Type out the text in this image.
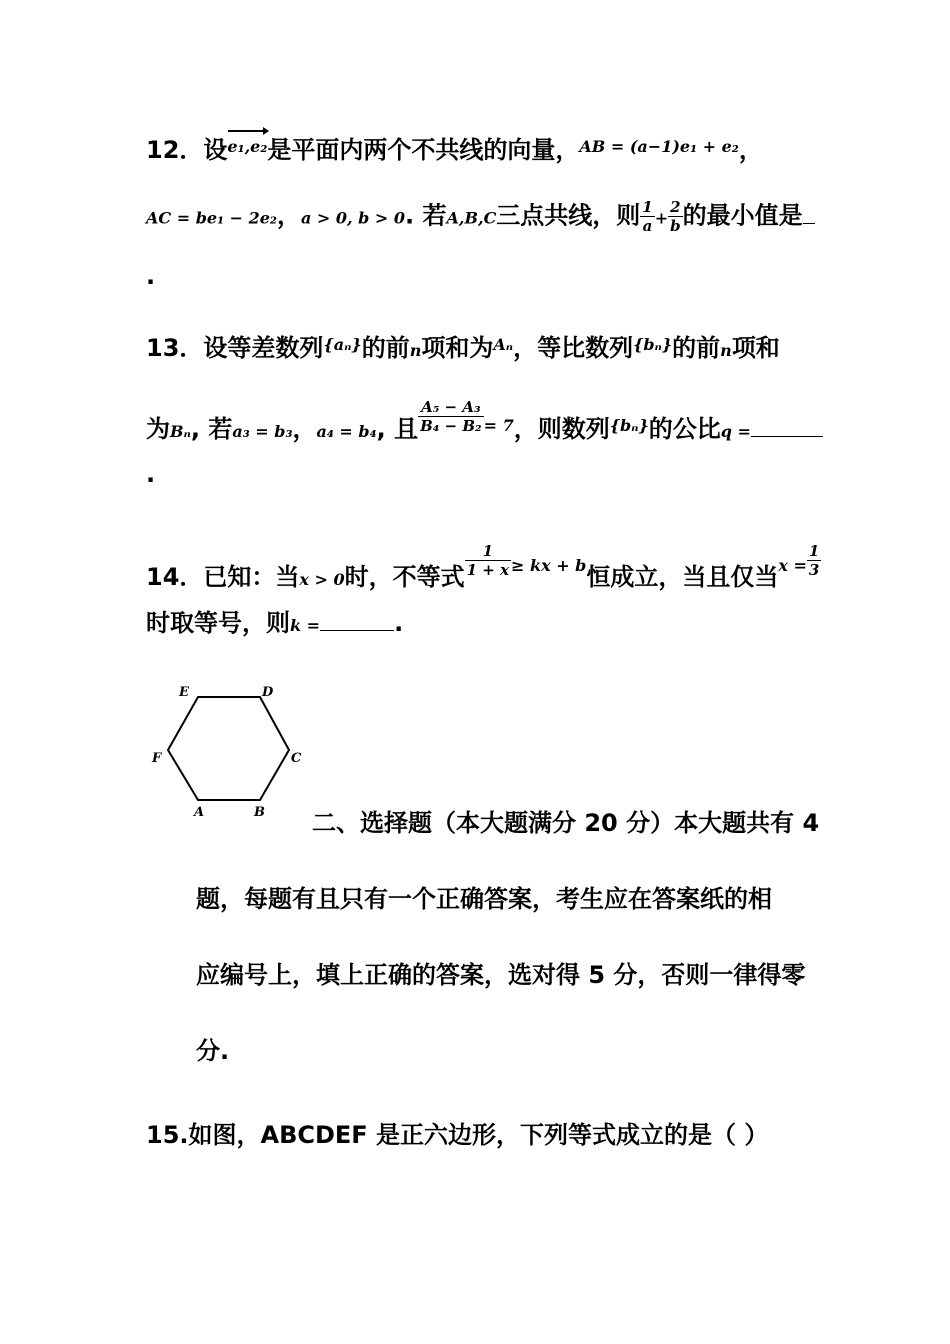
12．设e₁,e₂是平面内两个不共线的向量，$^{AB = (a-1)e_1 + e_2}$，
AC = be₁ − 2e₂，a > 0, b > 0. 若A,B,C三点共线，则 $\frac{1}{a} + \frac{2}{b}$ 的最小值是
.
13．设等差数列$^{\{a_n\}}$的前n项和为$^{A_n}$，等比数列$^{\{b_n\}}$的前n项和
为Bₙ, 若a₃ = b₃，a₄ = b₄, 且 $\frac{\text{A₅ − A₃}}{\text{B₄ − B₂}} ^{= 7}$，则数列$^{\{b_n\}}$的公比q =
.
14．已知：当x > 0时，不等式 $\frac{1}{1 + x} ^{\ge kx + b}$恒成立，当且仅当$^{x =} \frac{1}{3}$
时取等号，则k =	.
E	D
C
F
A	B 二、选择题（本大题满分 20 分）本大题共有 4
题，每题有且只有一个正确答案，考生应在答案纸的相
应编号上，填上正确的答案，选对得 5 分，否则一律得零
分.
15.如图，ABCDEF 是正六边形，下列等式成立的是（ ）
